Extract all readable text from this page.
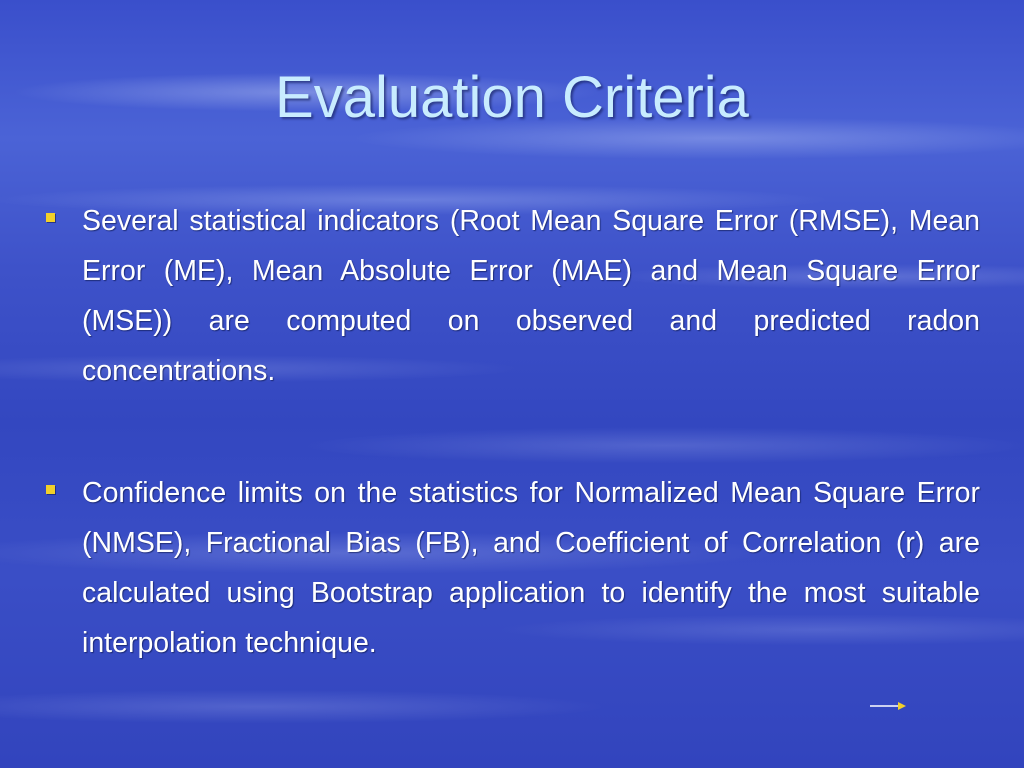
Evaluation Criteria
Several statistical indicators (Root Mean Square Error (RMSE), Mean Error (ME), Mean Absolute Error (MAE) and Mean Square Error (MSE)) are computed on observed and predicted radon concentrations.
Confidence limits on the statistics for Normalized Mean Square Error (NMSE), Fractional Bias (FB), and Coefficient of Correlation (r) are calculated using Bootstrap application to identify the most suitable interpolation technique.
